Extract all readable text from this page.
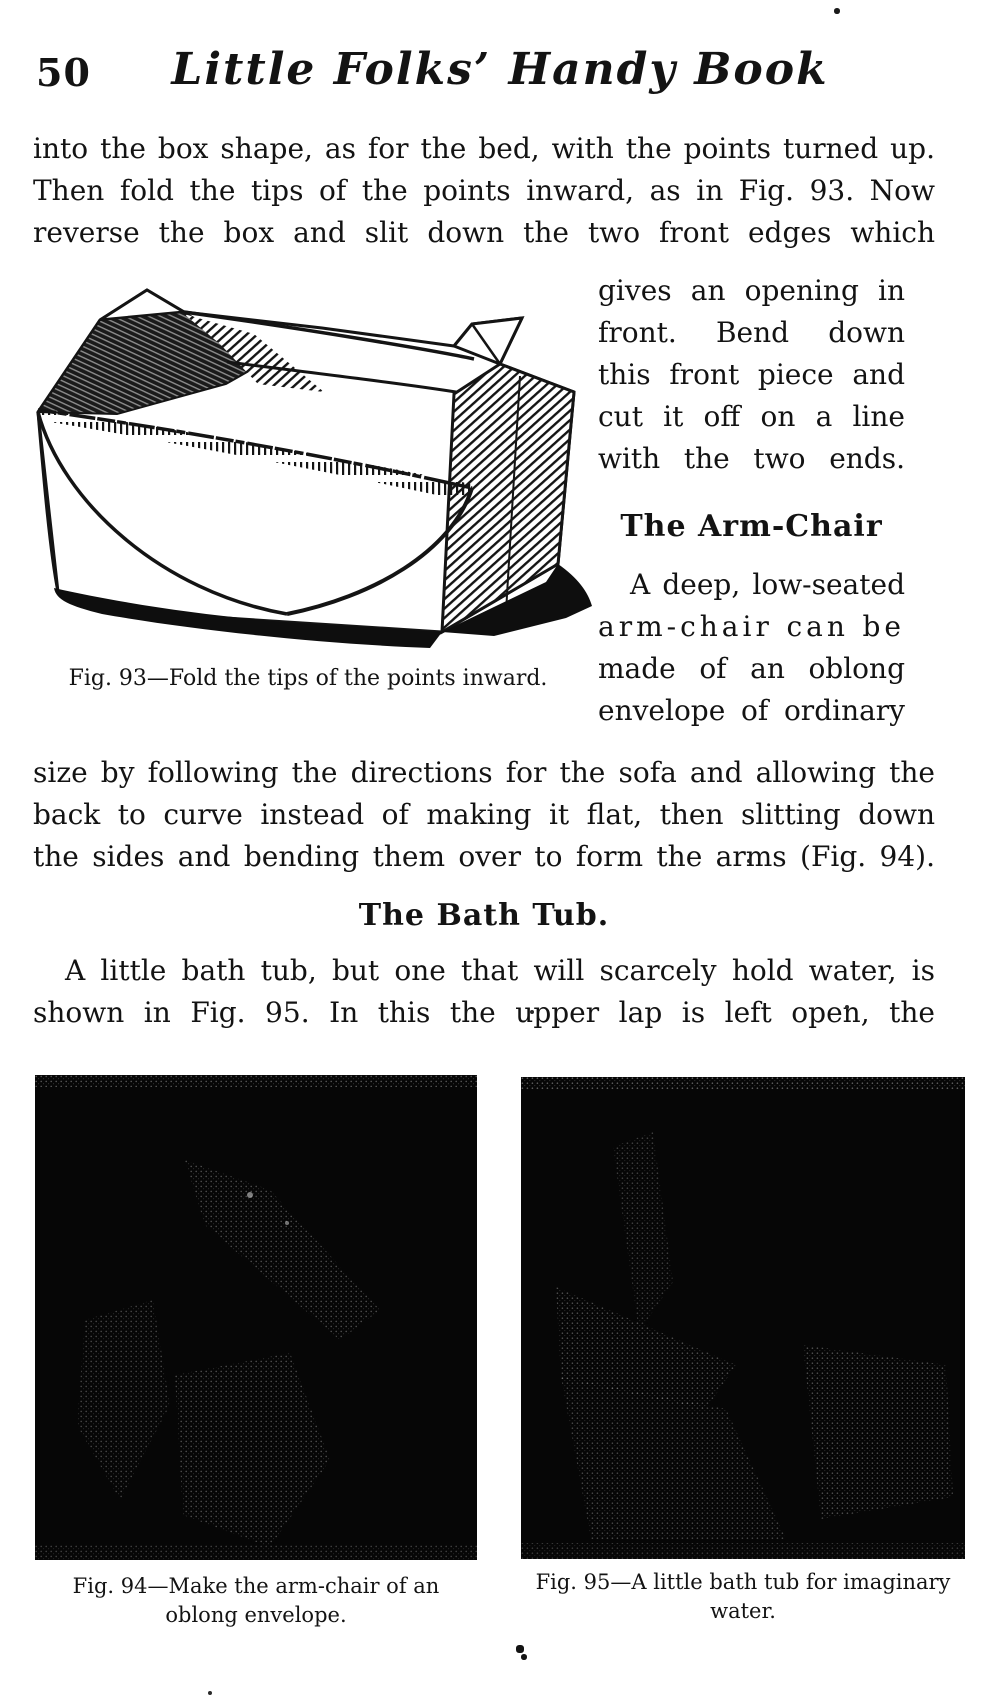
50	Little Folks’ Handy Book
into the box shape, as for the bed, with the points turned up.
Then fold the tips of the points inward, as in Fig. 93. Now
reverse the box and slit down the two front edges which
Fig. 93—Fold the tips of the points inward.
gives an opening in
front. Bend down
this front piece and
cut it off on a line
with the two ends.
The Arm-Chair
A deep, low-seated
arm-chair can be
made of an oblong
envelope of ordinary
size by following the directions for the sofa and allowing the
back to curve instead of making it flat, then slitting down
the sides and bending them over to form the arms (Fig. 94).
The Bath Tub.
A little bath tub, but one that will scarcely hold water, is
shown in Fig. 95. In this the upper lap is left open, the
Fig. 94—Make the arm-chair of an
oblong envelope.
Fig. 95—A little bath tub for imaginary
water.
